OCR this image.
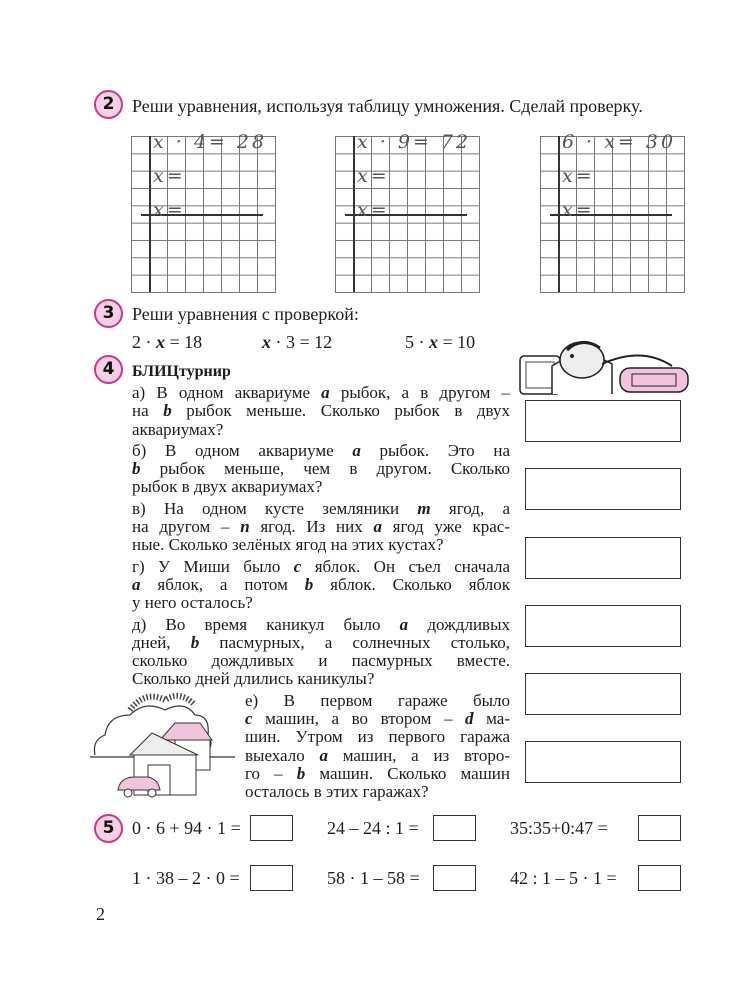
2 Реши уравнения, используя таблицу умножения. Сделай проверку.
x · 4= 28
x=
x=
x · 9= 72
x=
x=
6 · x= 30
x=
x=
3 Реши уравнения с проверкой:
2 · x = 18	x · 3 = 12	5 · x = 10
4	БЛИЦтурнир
а) В одном аквариуме a рыбок, а в другом –
на b рыбок меньше. Сколько рыбок в двух
аквариумах?
б) В одном аквариуме a рыбок. Это на
b рыбок меньше, чем в другом. Сколько
рыбок в двух аквариумах?
в) На одном кусте земляники m ягод, а
на другом – n ягод. Из них a ягод уже крас-
ные. Сколько зелёных ягод на этих кустах?
г) У Миши было c яблок. Он съел сначала
a яблок, а потом b яблок. Сколько яблок
у него осталось?
д) Во время каникул было a дождливых
дней, b пасмурных, а солнечных столько,
сколько дождливых и пасмурных вместе.
Сколько дней длились каникулы?
е) В первом гараже было
c машин, а во втором – d ма-
шин. Утром из первого гаража
выехало a машин, а из второ-
го – b машин. Сколько машин
осталось в этих гаражах?
5 0 · 6 + 94 · 1 =	24 – 24 : 1 =	35:35+0:47 =
1 · 38 – 2 · 0 =	58 · 1 – 58 =	42 : 1 – 5 · 1 =
2
